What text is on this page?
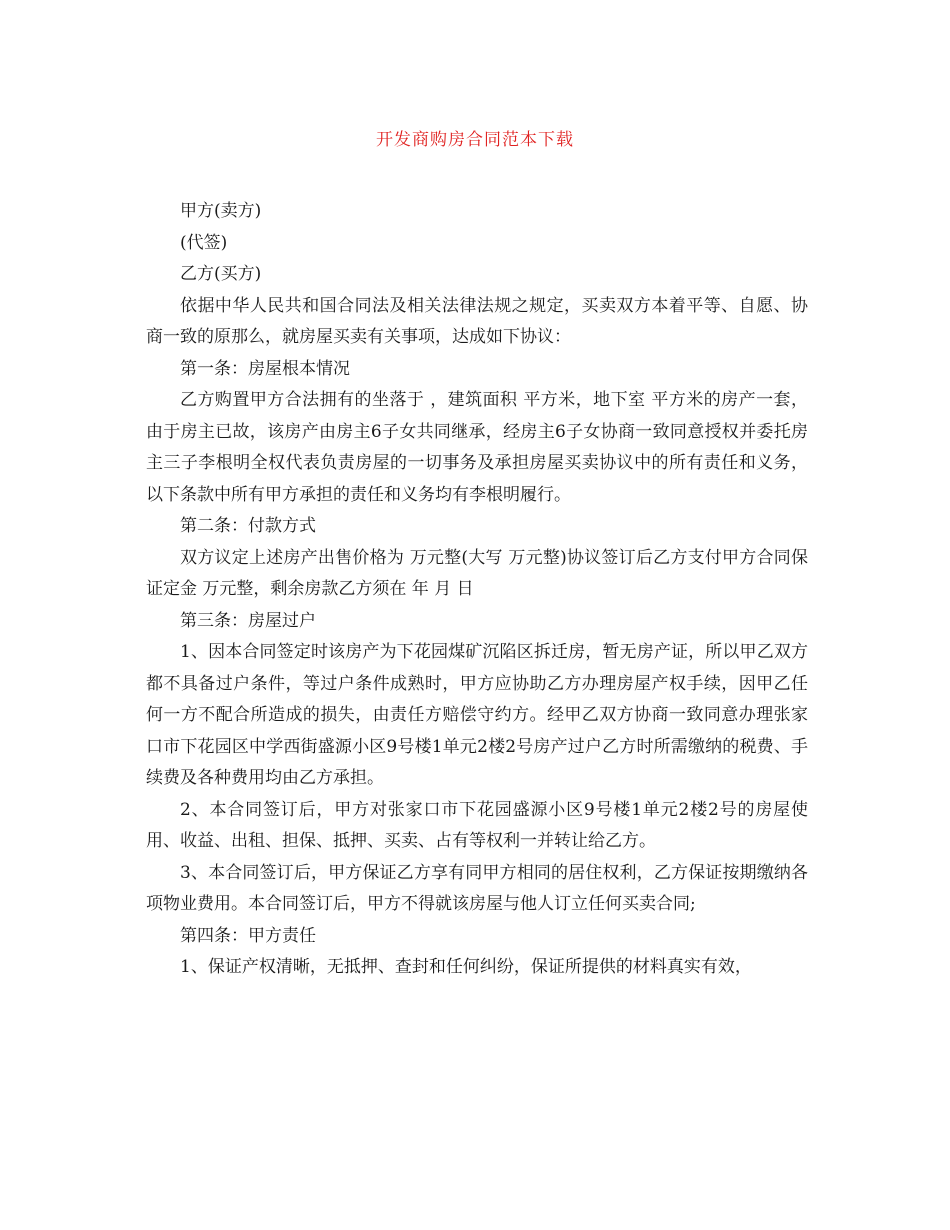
开发商购房合同范本下载

甲方(卖方)

(代签)

乙方(买方)

依据中华人民共和国合同法及相关法律法规之规定，买卖双方本着平等、自愿、协商一致的原那么，就房屋买卖有关事项，达成如下协议：

第一条：房屋根本情况

乙方购置甲方合法拥有的坐落于 ，建筑面积 平方米，地下室 平方米的房产一套，由于房主已故，该房产由房主6子女共同继承，经房主6子女协商一致同意授权并委托房主三子李根明全权代表负责房屋的一切事务及承担房屋买卖协议中的所有责任和义务，以下条款中所有甲方承担的责任和义务均有李根明履行。

第二条：付款方式

双方议定上述房产出售价格为 万元整(大写 万元整)协议签订后乙方支付甲方合同保证定金 万元整，剩余房款乙方须在 年 月 日

第三条：房屋过户

1、因本合同签定时该房产为下花园煤矿沉陷区拆迁房，暂无房产证，所以甲乙双方都不具备过户条件，等过户条件成熟时，甲方应协助乙方办理房屋产权手续，因甲乙任何一方不配合所造成的损失，由责任方赔偿守约方。经甲乙双方协商一致同意办理张家口市下花园区中学西街盛源小区9号楼1单元2楼2号房产过户乙方时所需缴纳的税费、手续费及各种费用均由乙方承担。

2、本合同签订后，甲方对张家口市下花园盛源小区9号楼1单元2楼2号的房屋使用、收益、出租、担保、抵押、买卖、占有等权利一并转让给乙方。

3、本合同签订后，甲方保证乙方享有同甲方相同的居住权利，乙方保证按期缴纳各项物业费用。本合同签订后，甲方不得就该房屋与他人订立任何买卖合同;

第四条：甲方责任

1、保证产权清晰，无抵押、查封和任何纠纷，保证所提供的材料真实有效，
